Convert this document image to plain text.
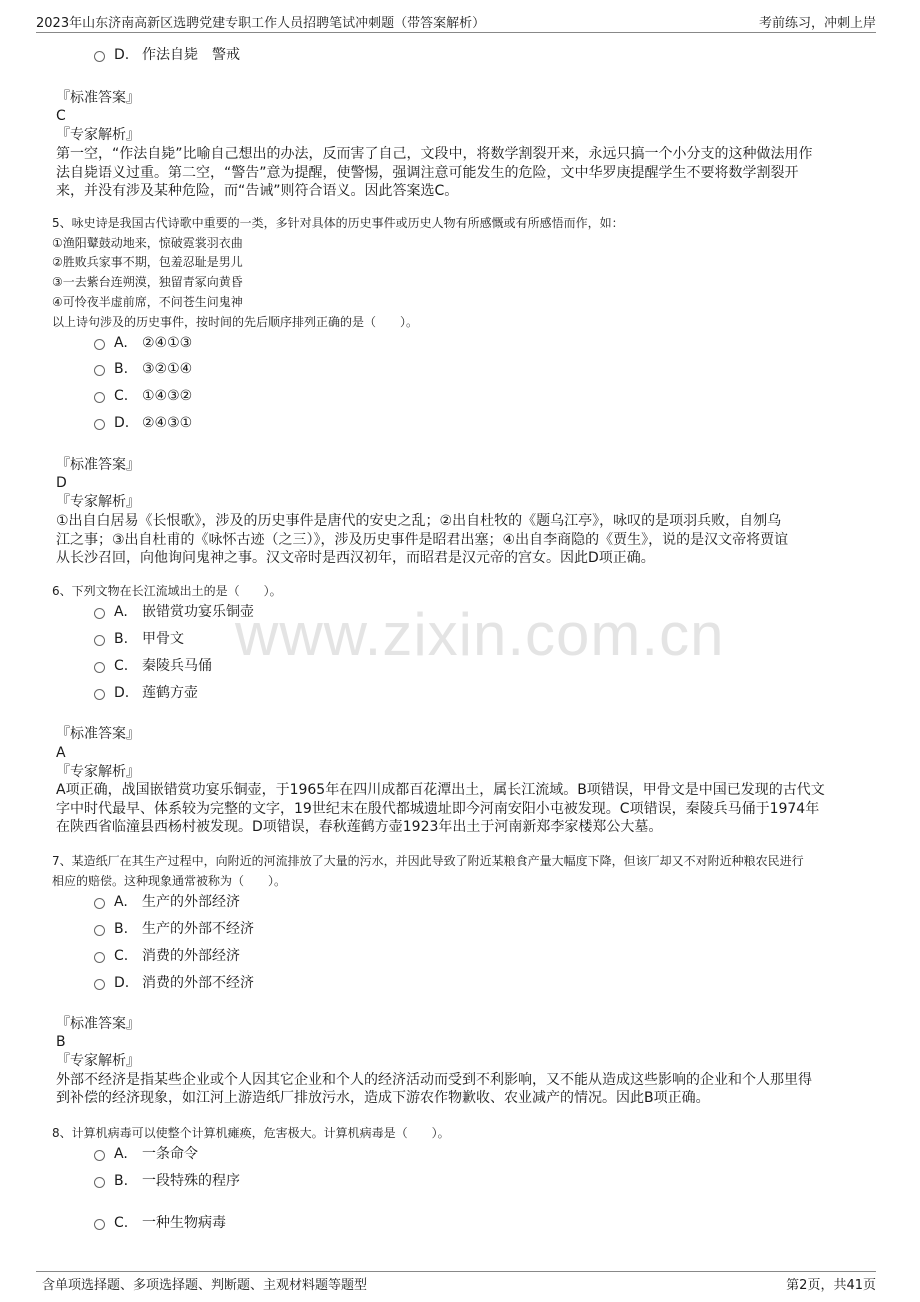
2023年山东济南高新区选聘党建专职工作人员招聘笔试冲刺题（带答案解析）	考前练习，冲刺上岸
www.zixin.com.cn
D. 作法自毙　警戒
『标准答案』
C
『专家解析』
第一空，“作法自毙”比喻自己想出的办法，反而害了自己，文段中，将数学割裂开来，永远只搞一个小分支的这种做法用作
法自毙语义过重。第二空，“警告”意为提醒，使警惕，强调注意可能发生的危险，文中华罗庚提醒学生不要将数学割裂开
来，并没有涉及某种危险，而“告诫”则符合语义。因此答案选C。
5、咏史诗是我国古代诗歌中重要的一类，多针对具体的历史事件或历史人物有所感慨或有所感悟而作，如：
①渔阳鼙鼓动地来，惊破霓裳羽衣曲
②胜败兵家事不期，包羞忍耻是男儿
③一去紫台连朔漠，独留青冢向黄昏
④可怜夜半虚前席，不问苍生问鬼神
以上诗句涉及的历史事件，按时间的先后顺序排列正确的是（　　）。
A. ②④①③
B. ③②①④
C. ①④③②
D. ②④③①
『标准答案』
D
『专家解析』
①出自白居易《长恨歌》，涉及的历史事件是唐代的安史之乱；②出自杜牧的《题乌江亭》，咏叹的是项羽兵败，自刎乌
江之事；③出自杜甫的《咏怀古迹（之三）》，涉及历史事件是昭君出塞；④出自李商隐的《贾生》，说的是汉文帝将贾谊
从长沙召回，向他询问鬼神之事。汉文帝时是西汉初年，而昭君是汉元帝的宫女。因此D项正确。
6、下列文物在长江流域出土的是（　　）。
A. 嵌错赏功宴乐铜壶
B. 甲骨文
C. 秦陵兵马俑
D. 莲鹤方壶
『标准答案』
A
『专家解析』
A项正确，战国嵌错赏功宴乐铜壶，于1965年在四川成都百花潭出土，属长江流域。B项错误，甲骨文是中国已发现的古代文
字中时代最早、体系较为完整的文字，19世纪末在殷代都城遗址即今河南安阳小屯被发现。C项错误，秦陵兵马俑于1974年
在陕西省临潼县西杨村被发现。D项错误，春秋莲鹤方壶1923年出土于河南新郑李家楼郑公大墓。
7、某造纸厂在其生产过程中，向附近的河流排放了大量的污水，并因此导致了附近某粮食产量大幅度下降，但该厂却又不对附近种粮农民进行
相应的赔偿。这种现象通常被称为（　　）。
A. 生产的外部经济
B. 生产的外部不经济
C. 消费的外部经济
D. 消费的外部不经济
『标准答案』
B
『专家解析』
外部不经济是指某些企业或个人因其它企业和个人的经济活动而受到不利影响，又不能从造成这些影响的企业和个人那里得
到补偿的经济现象，如江河上游造纸厂排放污水，造成下游农作物歉收、农业减产的情况。因此B项正确。
8、计算机病毒可以使整个计算机瘫痪，危害极大。计算机病毒是（　　）。
A. 一条命令
B. 一段特殊的程序
C. 一种生物病毒
含单项选择题、多项选择题、判断题、主观材料题等题型	第2页，共41页
